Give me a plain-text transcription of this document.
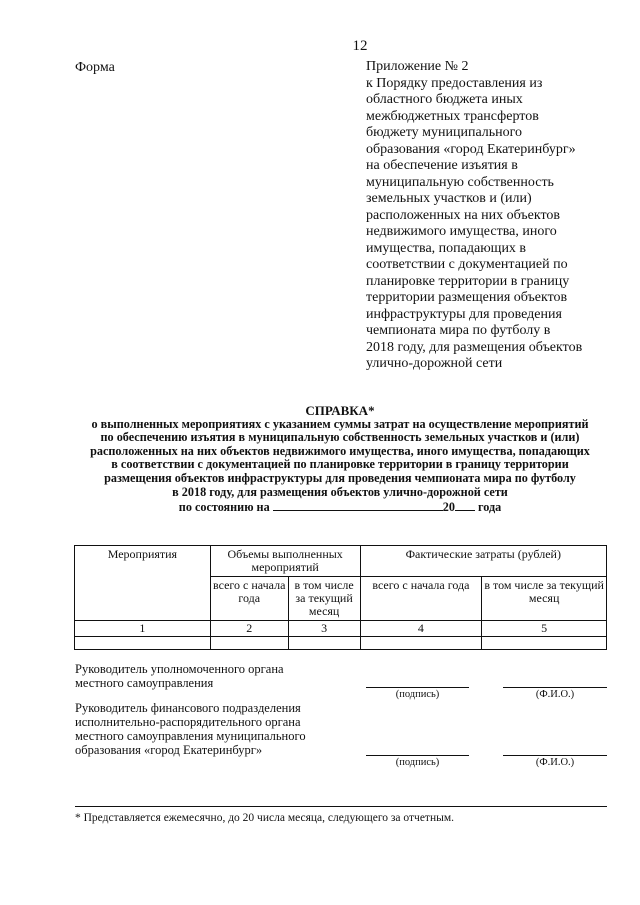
12
Форма	Приложение № 2
к Порядку предоставления из
областного бюджета иных
межбюджетных трансфертов
бюджету муниципального
образования «город Екатеринбург»
на обеспечение изъятия в
муниципальную собственность
земельных участков и (или)
расположенных на них объектов
недвижимого имущества, иного
имущества, попадающих в
соответствии с документацией по
планировке территории в границу
территории размещения объектов
инфраструктуры для проведения
чемпионата мира по футболу в
2018 году, для размещения объектов
улично-дорожной сети
СПРАВКА*
о выполненных мероприятиях с указанием суммы затрат на осуществление мероприятий
по обеспечению изъятия в муниципальную собственность земельных участков и (или)
расположенных на них объектов недвижимого имущества, иного имущества, попадающих
в соответствии с документацией по планировке территории в границу территории
размещения объектов инфраструктуры для проведения чемпионата мира по футболу
в 2018 году, для размещения объектов улично-дорожной сети
по состоянию на	20 года
Мероприятия	Объемы выполненных мероприятий		Фактические затраты (рублей)	
	всего с начала года	в том числе за текущий месяц	всего с начала года	в том числе за текущий месяц
1	2	3	4	5

Руководитель уполномоченного органа местного самоуправления
(подпись)	(Ф.И.О.)
Руководитель финансового подразделения исполнительно-распорядительного органа местного самоуправления муниципального образования «город Екатеринбург»
(подпись)	(Ф.И.О.)
* Представляется ежемесячно, до 20 числа месяца, следующего за отчетным.
